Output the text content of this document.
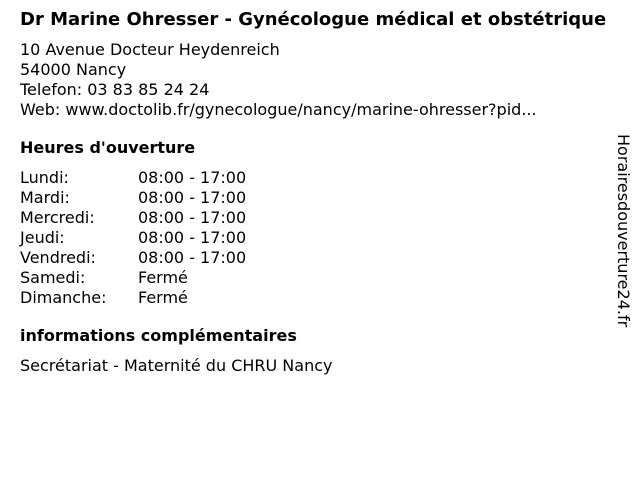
Dr Marine Ohresser - Gynécologue médical et obstétrique
10 Avenue Docteur Heydenreich
54000 Nancy
Telefon: 03 83 85 24 24
Web: www.doctolib.fr/gynecologue/nancy/marine-ohresser?pid...
Heures d'ouverture
Lundi:	08:00 - 17:00
Mardi:	08:00 - 17:00
Mercredi:	08:00 - 17:00
Jeudi:	08:00 - 17:00
Vendredi:	08:00 - 17:00
Samedi:	Fermé
Dimanche:	Fermé
informations complémentaires
Secrétariat - Maternité du CHRU Nancy
Horairesdouverture24.fr
